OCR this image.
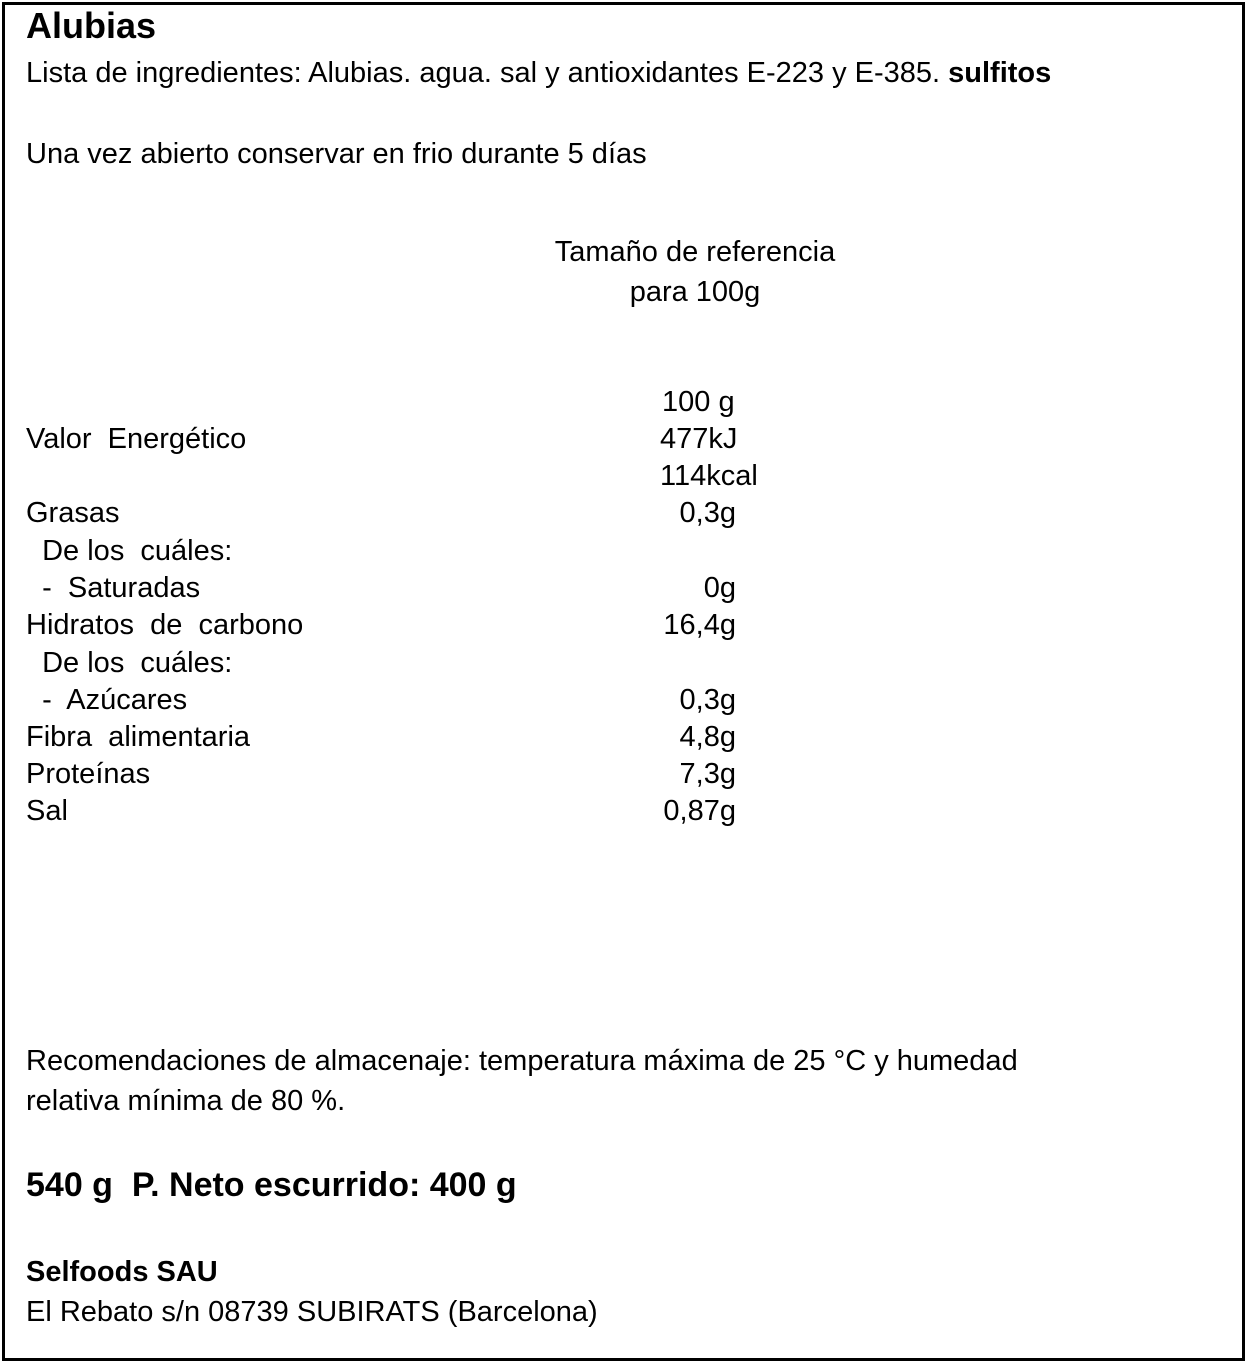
Alubias
Lista de ingredientes: Alubias. agua. sal y antioxidantes E-223 y E-385. sulfitos
Una vez abierto conservar en frio durante 5 días
Tamaño de referencia
para 100g
100 g
Valor  Energético	477kJ
114kcal
Grasas	0,3g
De los  cuáles:
-  Saturadas	0g
Hidratos  de  carbono	16,4g
De los  cuáles:
-  Azúcares	0,3g
Fibra  alimentaria	4,8g
Proteínas	7,3g
Sal	0,87g
Recomendaciones de almacenaje: temperatura máxima de 25 °C y humedad
relativa mínima de 80 %.
540 g  P. Neto escurrido: 400 g
Selfoods SAU
El Rebato s/n 08739 SUBIRATS (Barcelona)
